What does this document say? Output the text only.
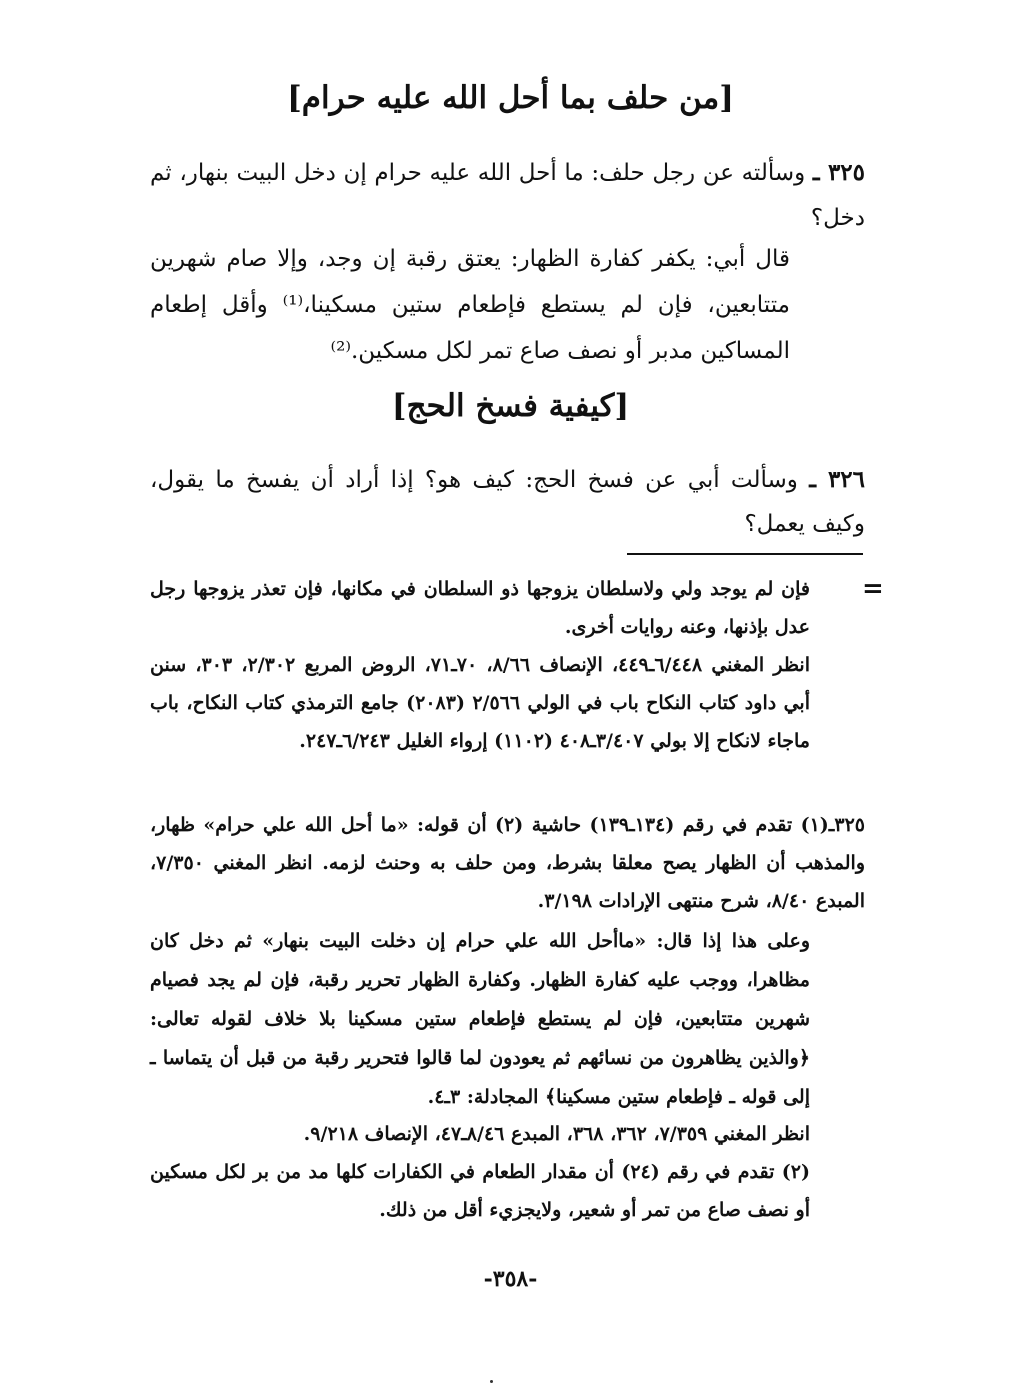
[من حلف بما أحل الله عليه حرام]
٣٢٥ ـ وسألته عن رجل حلف: ما أحل الله عليه حرام إن دخل البيت بنهار، ثم دخل؟
قال أبي: يكفر كفارة الظهار: يعتق رقبة إن وجد، وإلا صام شهرين متتابعين، فإن لم يستطع فإطعام ستين مسكينا،⁽¹⁾ وأقل إطعام المساكين مدبر أو نصف صاع تمر لكل مسكين.⁽²⁾
[كيفية فسخ الحج]
٣٢٦ ـ وسألت أبي عن فسخ الحج: كيف هو؟ إذا أراد أن يفسخ ما يقول، وكيف يعمل؟
=
فإن لم يوجد ولي ولاسلطان يزوجها ذو السلطان في مكانها، فإن تعذر يزوجها رجل عدل بإذنها، وعنه روايات أخرى.
انظر المغني ٦/٤٤٨ـ٤٤٩، الإنصاف ٨/٦٦، ٧٠ـ٧١، الروض المربع ٢/٣٠٢، ٣٠٣، سنن أبي داود كتاب النكاح باب في الولي ٢/٥٦٦ (٢٠٨٣) جامع الترمذي كتاب النكاح، باب ماجاء لانكاح إلا بولي ٣/٤٠٧ـ٤٠٨ (١١٠٢) إرواء الغليل ٦/٢٤٣ـ٢٤٧.
٣٢٥ـ(١) تقدم في رقم (١٣٤ـ١٣٩) حاشية (٢) أن قوله: «ما أحل الله علي حرام» ظهار، والمذهب أن الظهار يصح معلقا بشرط، ومن حلف به وحنث لزمه. انظر المغني ٧/٣٥٠، المبدع ٨/٤٠، شرح منتهى الإرادات ٣/١٩٨.
وعلى هذا إذا قال: «ماأحل الله علي حرام إن دخلت البيت بنهار» ثم دخل كان مظاهرا، ووجب عليه كفارة الظهار. وكفارة الظهار تحرير رقبة، فإن لم يجد فصيام شهرين متتابعين، فإن لم يستطع فإطعام ستين مسكينا بلا خلاف لقوله تعالى: ﴿والذين يظاهرون من نسائهم ثم يعودون لما قالوا فتحرير رقبة من قبل أن يتماسا ـ إلى قوله ـ فإطعام ستين مسكينا﴾ المجادلة: ٣ـ٤.
انظر المغني ٧/٣٥٩، ٣٦٢، ٣٦٨، المبدع ٨/٤٦ـ٤٧، الإنصاف ٩/٢١٨.
(٢) تقدم في رقم (٢٤) أن مقدار الطعام في الكفارات كلها مد من بر لكل مسكين أو نصف صاع من تمر أو شعير، ولايجزيء أقل من ذلك.
-٣٥٨-
